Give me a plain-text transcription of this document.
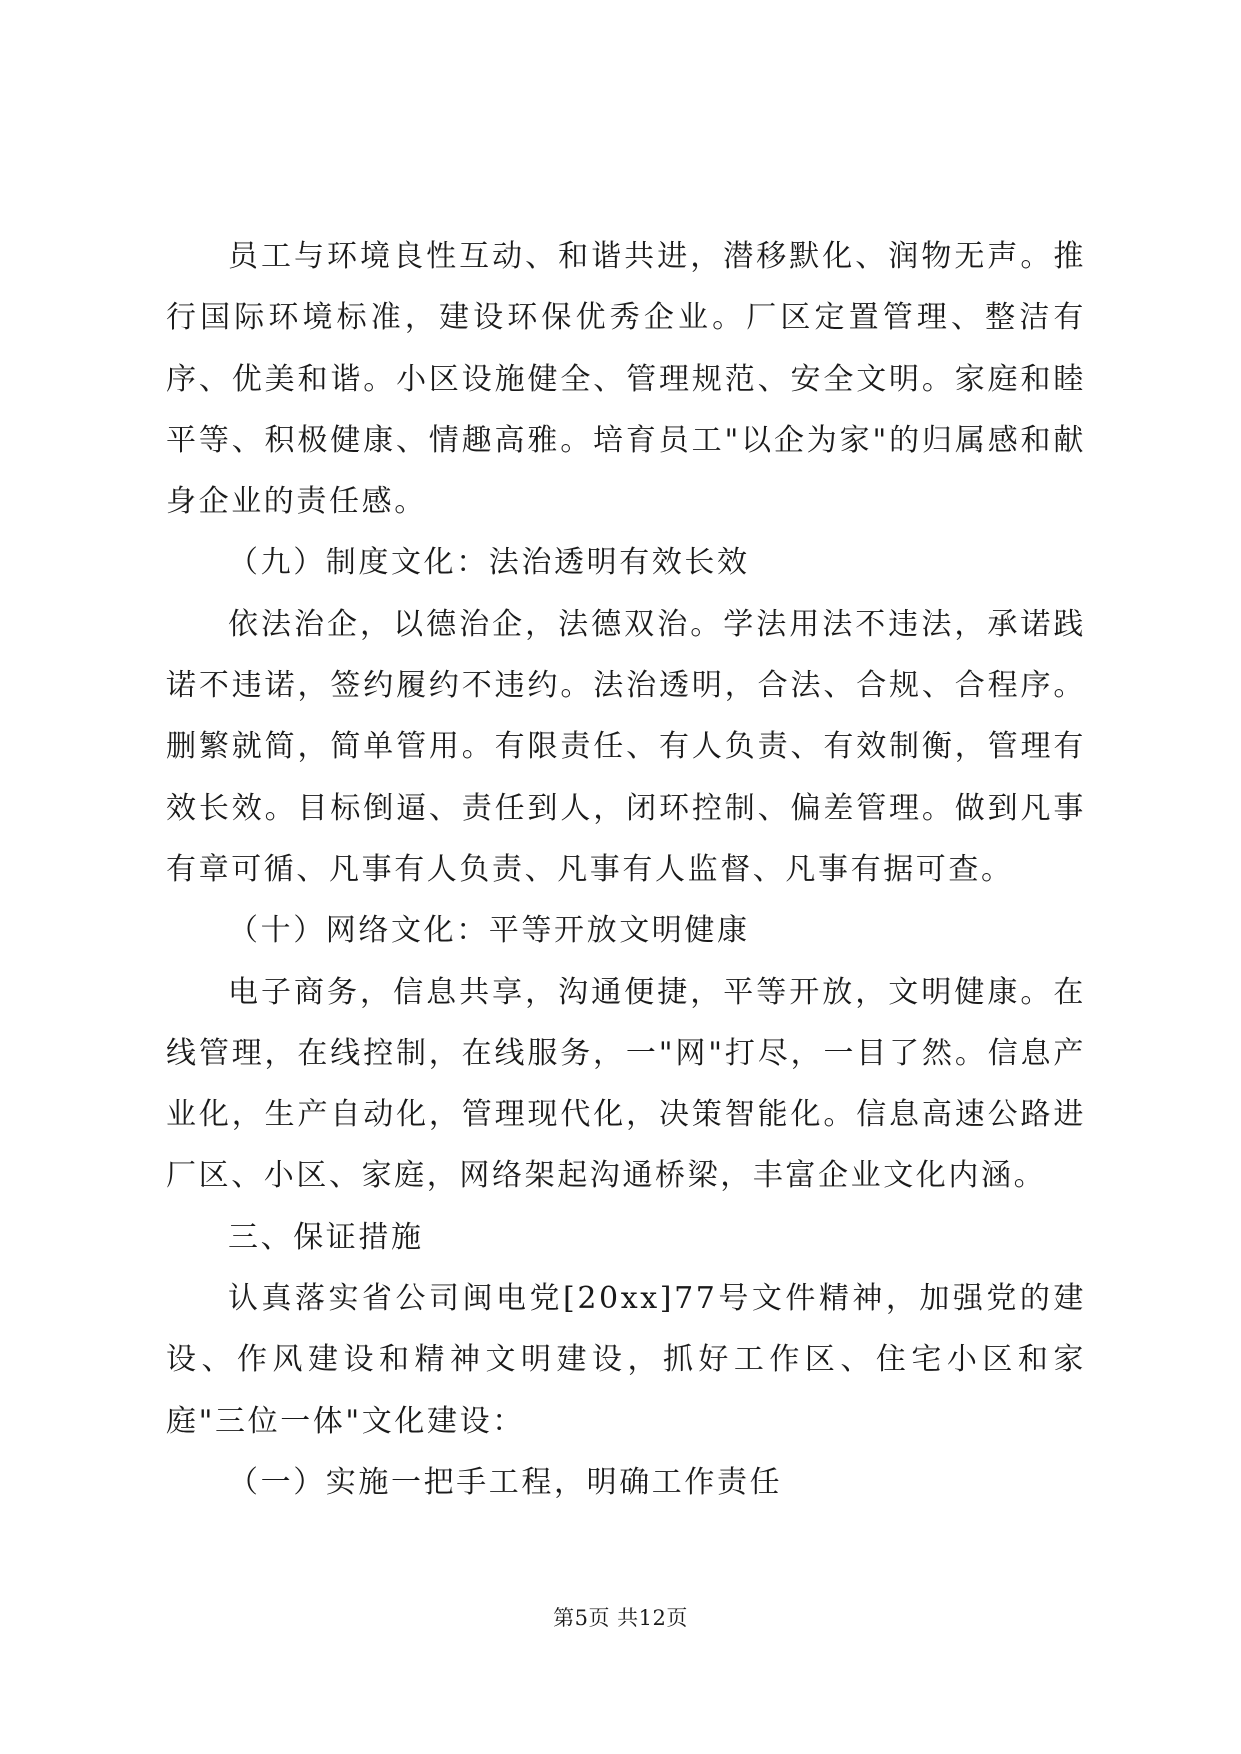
员工与环境良性互动、和谐共进，潜移默化、润物无声。推行国际环境标准，建设环保优秀企业。厂区定置管理、整洁有序、优美和谐。小区设施健全、管理规范、安全文明。家庭和睦平等、积极健康、情趣高雅。培育员工"以企为家"的归属感和献身企业的责任感。

（九）制度文化：法治透明有效长效

依法治企，以德治企，法德双治。学法用法不违法，承诺践诺不违诺，签约履约不违约。法治透明，合法、合规、合程序。删繁就简，简单管用。有限责任、有人负责、有效制衡，管理有效长效。目标倒逼、责任到人，闭环控制、偏差管理。做到凡事有章可循、凡事有人负责、凡事有人监督、凡事有据可查。

（十）网络文化：平等开放文明健康

电子商务，信息共享，沟通便捷，平等开放，文明健康。在线管理，在线控制，在线服务，一"网"打尽，一目了然。信息产业化，生产自动化，管理现代化，决策智能化。信息高速公路进厂区、小区、家庭，网络架起沟通桥梁，丰富企业文化内涵。

三、保证措施

认真落实省公司闽电党[20xx]77号文件精神，加强党的建设、作风建设和精神文明建设，抓好工作区、住宅小区和家庭"三位一体"文化建设：

（一）实施一把手工程，明确工作责任

第5页 共12页
